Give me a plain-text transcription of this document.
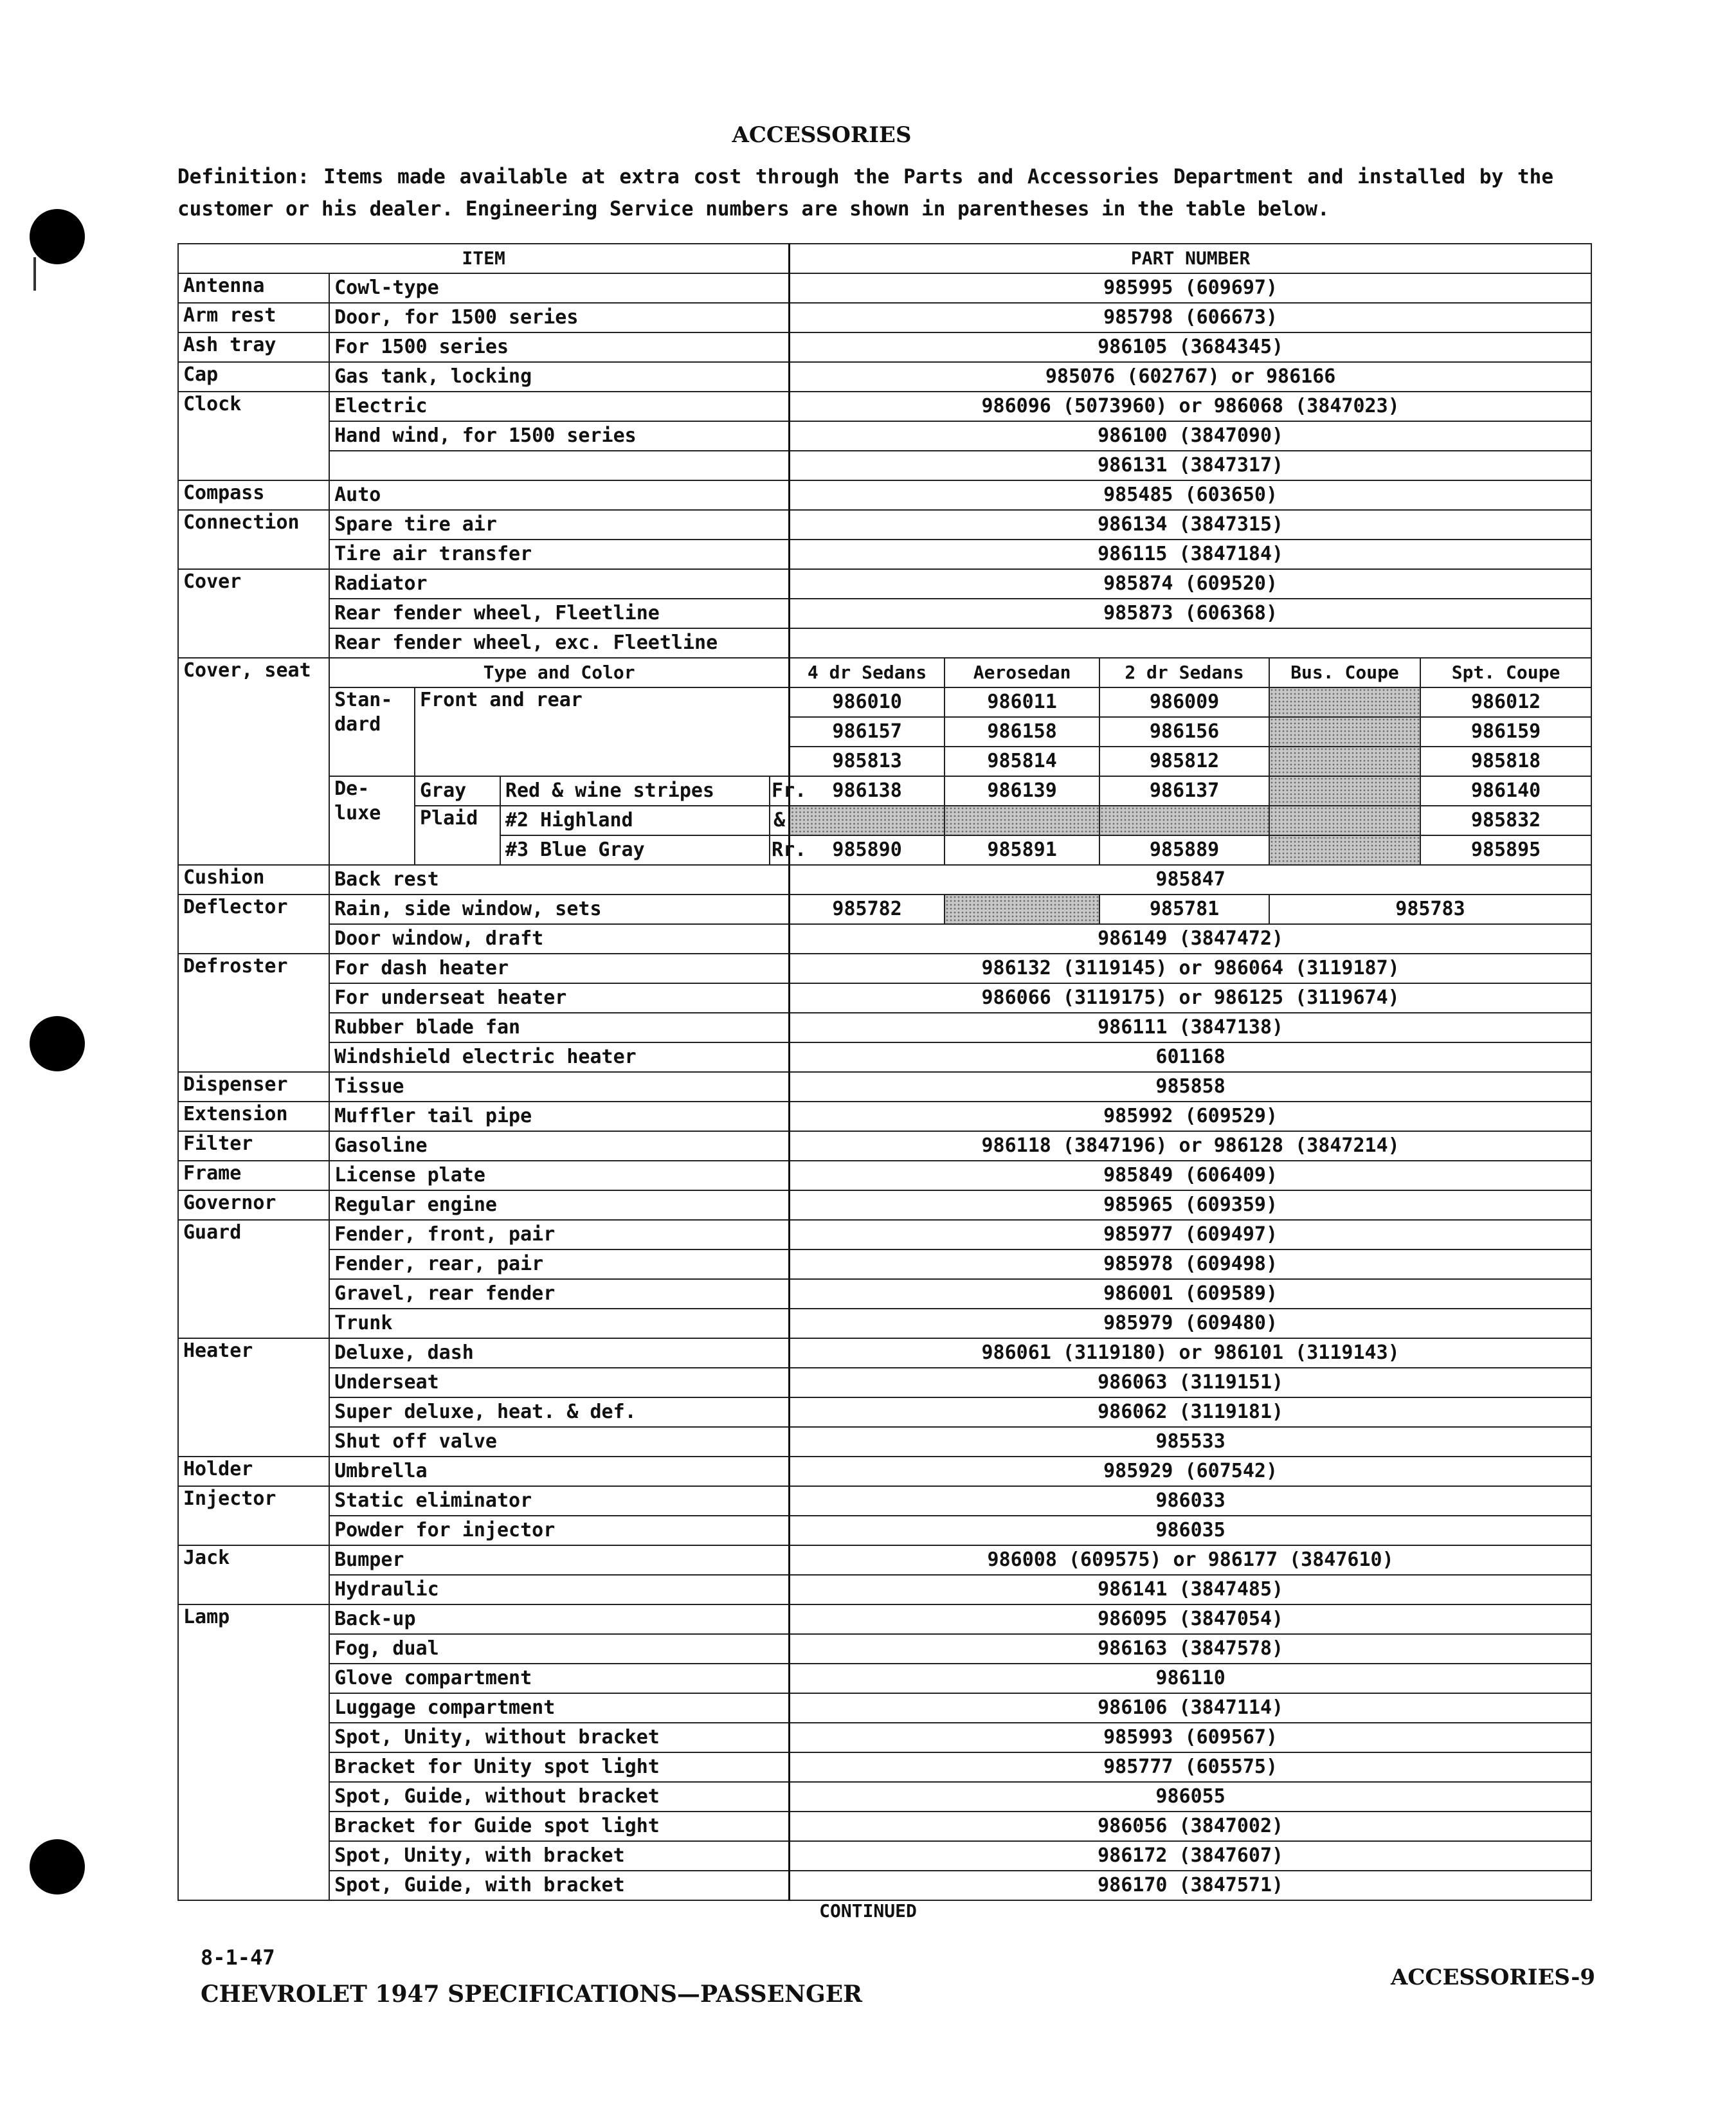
ACCESSORIES
Definition: Items made available at extra cost through the Parts and Accessories Department and installed by the customer or his dealer. Engineering Service numbers are shown in parentheses in the table below.
ITEM					PART NUMBER				
Antenna	Cowl-type				985995 (609697)				
Arm rest	Door, for 1500 series				985798 (606673)				
Ash tray	For 1500 series				986105 (3684345)				
Cap	Gas tank, locking				985076 (602767) or 986166				
Clock	Electric				986096 (5073960) or 986068 (3847023)				
	Hand wind, for 1500 series				986100 (3847090)				
					986131 (3847317)				
Compass	Auto				985485 (603650)				
Connection	Spare tire air				986134 (3847315)				
	Tire air transfer				986115 (3847184)				
Cover	Radiator				985874 (609520)				
	Rear fender wheel, Fleetline				985873 (606368)				
	Rear fender wheel, exc. Fleetline								
Cover, seat	Type and Color				4 dr Sedans	Aerosedan	2 dr Sedans	Bus. Coupe	Spt. Coupe
	Stan-dard	Front and rear			986010	986011	986009		986012
					986157	986158	986156		986159
					985813	985814	985812		985818
	De-luxe	Gray	Red & wine stripes	Fr.	986138	986139	986137		986140
		Plaid	#2 Highland	&					985832
			#3 Blue Gray	Rr.	985890	985891	985889		985895
Cushion	Back rest				985847				
Deflector	Rain, side window, sets				985782		985781	985783	
	Door window, draft				986149 (3847472)				
Defroster	For dash heater				986132 (3119145) or 986064 (3119187)				
	For underseat heater				986066 (3119175) or 986125 (3119674)				
	Rubber blade fan				986111 (3847138)				
	Windshield electric heater				601168				
Dispenser	Tissue				985858				
Extension	Muffler tail pipe				985992 (609529)				
Filter	Gasoline				986118 (3847196) or 986128 (3847214)				
Frame	License plate				985849 (606409)				
Governor	Regular engine				985965 (609359)				
Guard	Fender, front, pair				985977 (609497)				
	Fender, rear, pair				985978 (609498)				
	Gravel, rear fender				986001 (609589)				
	Trunk				985979 (609480)				
Heater	Deluxe, dash				986061 (3119180) or 986101 (3119143)				
	Underseat				986063 (3119151)				
	Super deluxe, heat. & def.				986062 (3119181)				
	Shut off valve				985533				
Holder	Umbrella				985929 (607542)				
Injector	Static eliminator				986033				
	Powder for injector				986035				
Jack	Bumper				986008 (609575) or 986177 (3847610)				
	Hydraulic				986141 (3847485)				
Lamp	Back-up				986095 (3847054)				
	Fog, dual				986163 (3847578)				
	Glove compartment				986110				
	Luggage compartment				986106 (3847114)				
	Spot, Unity, without bracket				985993 (609567)				
	Bracket for Unity spot light				985777 (605575)				
	Spot, Guide, without bracket				986055				
	Bracket for Guide spot light				986056 (3847002)				
	Spot, Unity, with bracket				986172 (3847607)				
	Spot, Guide, with bracket				986170 (3847571)				
CONTINUED
8-1-47
CHEVROLET 1947 SPECIFICATIONS—PASSENGER
ACCESSORIES-9
